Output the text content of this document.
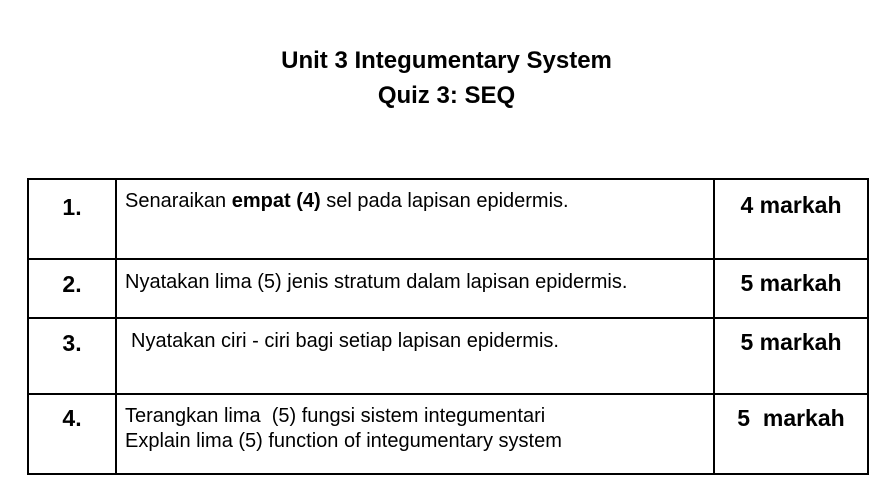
Unit 3 Integumentary System
Quiz 3: SEQ
1.	Senaraikan empat (4) sel pada lapisan epidermis.	4 markah
2.	Nyatakan lima (5) jenis stratum dalam lapisan epidermis.	5 markah
3.	Nyatakan ciri - ciri bagi setiap lapisan epidermis.	5 markah
4.	Terangkan lima  (5) fungsi sistem integumentari
Explain lima (5) function of integumentary system	5  markah
